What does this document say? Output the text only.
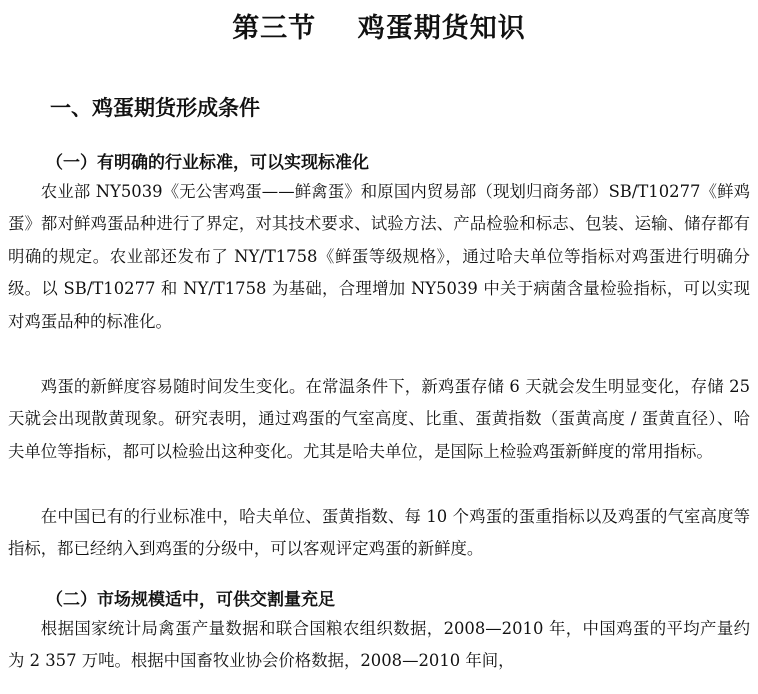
第三节    鸡蛋期货知识
一、鸡蛋期货形成条件
（一）有明确的行业标准，可以实现标准化

农业部 NY5039《无公害鸡蛋——鲜禽蛋》和原国内贸易部（现划归商务部）SB/T10277《鲜鸡蛋》都对鲜鸡蛋品种进行了界定，对其技术要求、试验方法、产品检验和标志、包装、运输、储存都有明确的规定。农业部还发布了 NY/T1758《鲜蛋等级规格》，通过哈夫单位等指标对鸡蛋进行明确分级。以 SB/T10277 和 NY/T1758 为基础，合理增加 NY5039 中关于病菌含量检验指标，可以实现对鸡蛋品种的标准化。

鸡蛋的新鲜度容易随时间发生变化。在常温条件下，新鸡蛋存储 6 天就会发生明显变化，存储 25 天就会出现散黄现象。研究表明，通过鸡蛋的气室高度、比重、蛋黄指数（蛋黄高度 / 蛋黄直径）、哈夫单位等指标，都可以检验出这种变化。尤其是哈夫单位，是国际上检验鸡蛋新鲜度的常用指标。

在中国已有的行业标准中，哈夫单位、蛋黄指数、每 10 个鸡蛋的蛋重指标以及鸡蛋的气室高度等指标，都已经纳入到鸡蛋的分级中，可以客观评定鸡蛋的新鲜度。

（二）市场规模适中，可供交割量充足

根据国家统计局禽蛋产量数据和联合国粮农组织数据，2008—2010 年，中国鸡蛋的平均产量约为 2 357 万吨。根据中国畜牧业协会价格数据，2008—2010 年间，
